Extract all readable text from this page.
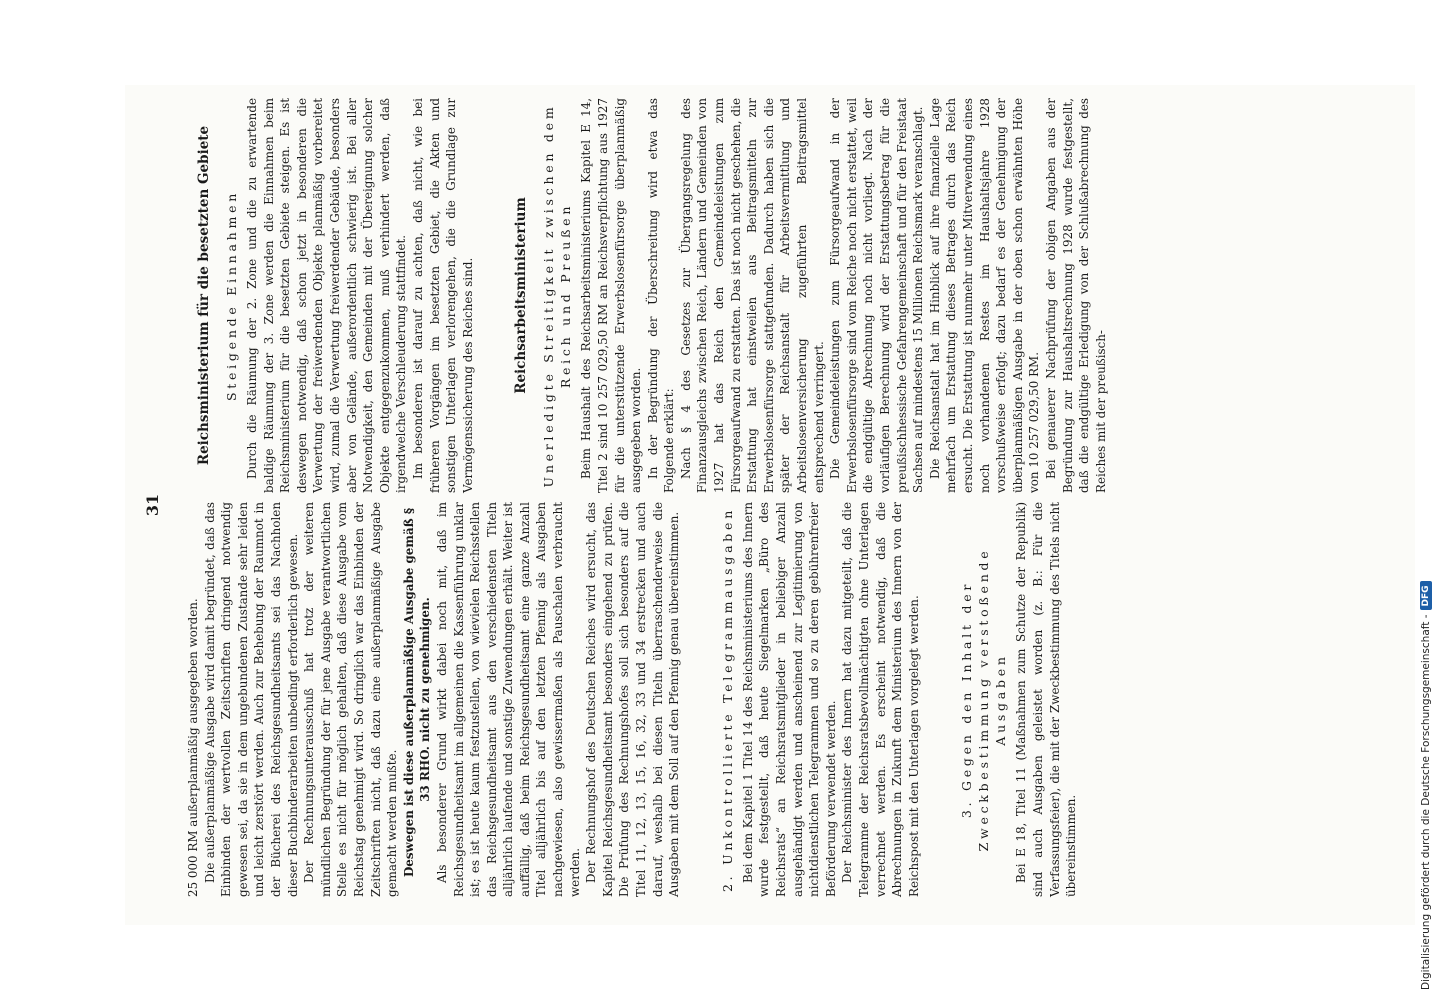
31

25 000 RM außerplanmäßig ausgegeben worden. Die außerplanmäßige Ausgabe wird damit begründet, daß das Einbinden der wertvollen Zeitschriften dringend notwendig gewesen sei, da sie in dem ungebundenen Zustande sehr leiden und leicht zerstört werden. Auch zur Behebung der Raumnot in der Bücherei des Reichsgesundheitsamts sei das Nachholen dieser Buchbinderarbeiten unbedingt erforderlich gewesen. Der Rechnungsunterausschuß hat trotz der weiteren mündlichen Begründung der für jene Ausgabe verantwortlichen Stelle es nicht für möglich gehalten, daß diese Ausgabe vom Reichstag genehmigt wird. So dringlich war das Einbinden der Zeitschriften nicht, daß dazu eine außerplanmäßige Ausgabe gemacht werden mußte. Deswegen ist diese außerplanmäßige Ausgabe gemäß § 33 RHO. nicht zu genehmigen. Als besonderer Grund wirkt dabei noch mit, daß im Reichsgesundheitsamt im allgemeinen die Kassenführung unklar ist; es ist heute kaum festzustellen, von wievielen Reichsstellen das Reichsgesundheitsamt aus den verschiedensten Titeln alljährlich laufende und sonstige Zuwendungen erhält. Weiter ist auffällig, daß beim Reichsgesundheitsamt eine ganze Anzahl Titel alljährlich bis auf den letzten Pfennig als Ausgaben nachgewiesen, also gewissermaßen als Pauschalen verbraucht werden. Der Rechnungshof des Deutschen Reiches wird ersucht, das Kapitel Reichsgesundheitsamt besonders eingehend zu prüfen. Die Prüfung des Rechnungshofes soll sich besonders auf die Titel 11, 12, 13, 15, 16, 32, 33 und 34 erstrecken und auch darauf, weshalb bei diesen Titeln überraschenderweise die Ausgaben mit dem Soll auf den Pfennig genau übereinstimmen.	2. Unkontrollierte Telegrammausgaben Bei dem Kapitel 1 Titel 14 des Reichsministeriums des Innern wurde festgestellt, daß heute Siegelmarken „Büro des Reichsrats“ an Reichsratsmitglieder in beliebiger Anzahl ausgehändigt werden und anscheinend zur Legitimierung von nichtdienstlichen Telegrammen und so zu deren gebührenfreier Beförderung verwendet werden. Der Reichsminister des Innern hat dazu mitgeteilt, daß die Telegramme der Reichsratsbevollmächtigten ohne Unterlagen verrechnet werden. Es erscheint notwendig, daß die Abrechnungen in Zukunft dem Ministerium des Innern von der Reichspost mit den Unterlagen vorgelegt werden.	3. Gegen den Inhalt der Zweckbestimmung verstoßende Ausgaben Bei E 18, Titel 11 (Maßnahmen zum Schutze der Republik) sind auch Ausgaben geleistet worden (z. B.: Für die Verfassungsfeier), die mit der Zweckbestimmung des Titels nicht übereinstimmen.

Reichsministerium für die besetzten Gebiete Steigende Einnahmen Durch die Räumung der 2. Zone und die zu erwartende baldige Räumung der 3. Zone werden die Einnahmen beim Reichsministerium für die besetzten Gebiete steigen. Es ist deswegen notwendig, daß schon jetzt in besonderen die Verwertung der freiwerdenden Objekte planmäßig vorbereitet wird, zumal die Verwertung freiwerdender Gebäude, besonders aber von Gelände, außerordentlich schwierig ist. Bei aller Notwendigkeit, den Gemeinden mit der Übereignung solcher Objekte entgegenzukommen, muß verhindert werden, daß irgendwelche Verschleuderung stattfindet. Im besonderen ist darauf zu achten, daß nicht, wie bei früheren Vorgängen im besetzten Gebiet, die Akten und sonstigen Unterlagen verlorengehen, die die Grundlage zur Vermögenssicherung des Reiches sind.	Reichsarbeitsministerium Unerledigte Streitigkeit zwischen dem Reich und Preußen Beim Haushalt des Reichsarbeitsministeriums Kapitel E 14, Titel 2 sind 10 257 029,50 RM an Reichsverpflichtung aus 1927 für die unterstützende Erwerbslosenfürsorge überplanmäßig ausgegeben worden. In der Begründung der Überschreitung wird etwa das Folgende erklärt: Nach § 4 des Gesetzes zur Übergangsregelung des Finanzausgleichs zwischen Reich, Ländern und Gemeinden von 1927 hat das Reich den Gemeindeleistungen zum Fürsorgeaufwand zu erstatten. Das ist noch nicht geschehen, die Erstattung hat einstweilen aus Beitragsmitteln zur Erwerbslosenfürsorge stattgefunden. Dadurch haben sich die später der Reichsanstalt für Arbeitsvermittlung und Arbeitslosenversicherung zugeführten Beitragsmittel entsprechend verringert. Die Gemeindeleistungen zum Fürsorgeaufwand in der Erwerbslosenfürsorge sind vom Reiche noch nicht erstattet, weil die endgültige Abrechnung noch nicht vorliegt. Nach der vorläufigen Berechnung wird der Erstattungsbetrag für die preußischhessische Gefahrengemeinschaft und für den Freistaat Sachsen auf mindestens 15 Millionen Reichsmark veranschlagt. Die Reichsanstalt hat im Hinblick auf ihre finanzielle Lage mehrfach um Erstattung dieses Betrages durch das Reich ersucht. Die Erstattung ist nunmehr unter Mitverwendung eines noch vorhandenen Restes im Haushaltsjahre 1928 vorschußweise erfolgt; dazu bedarf es der Genehmigung der überplanmäßigen Ausgabe in der oben schon erwähnten Höhe von 10 257 029,50 RM. Bei genauerer Nachprüfung der obigen Angaben aus der Begründung zur Haushaltsrechnung 1928 wurde festgestellt, daß die endgültige Erledigung von der Schlußabrechnung des Reiches mit der preußisch-

Digitalisierung gefördert durch die Deutsche Forschungsgemeinschaft -
DFG
